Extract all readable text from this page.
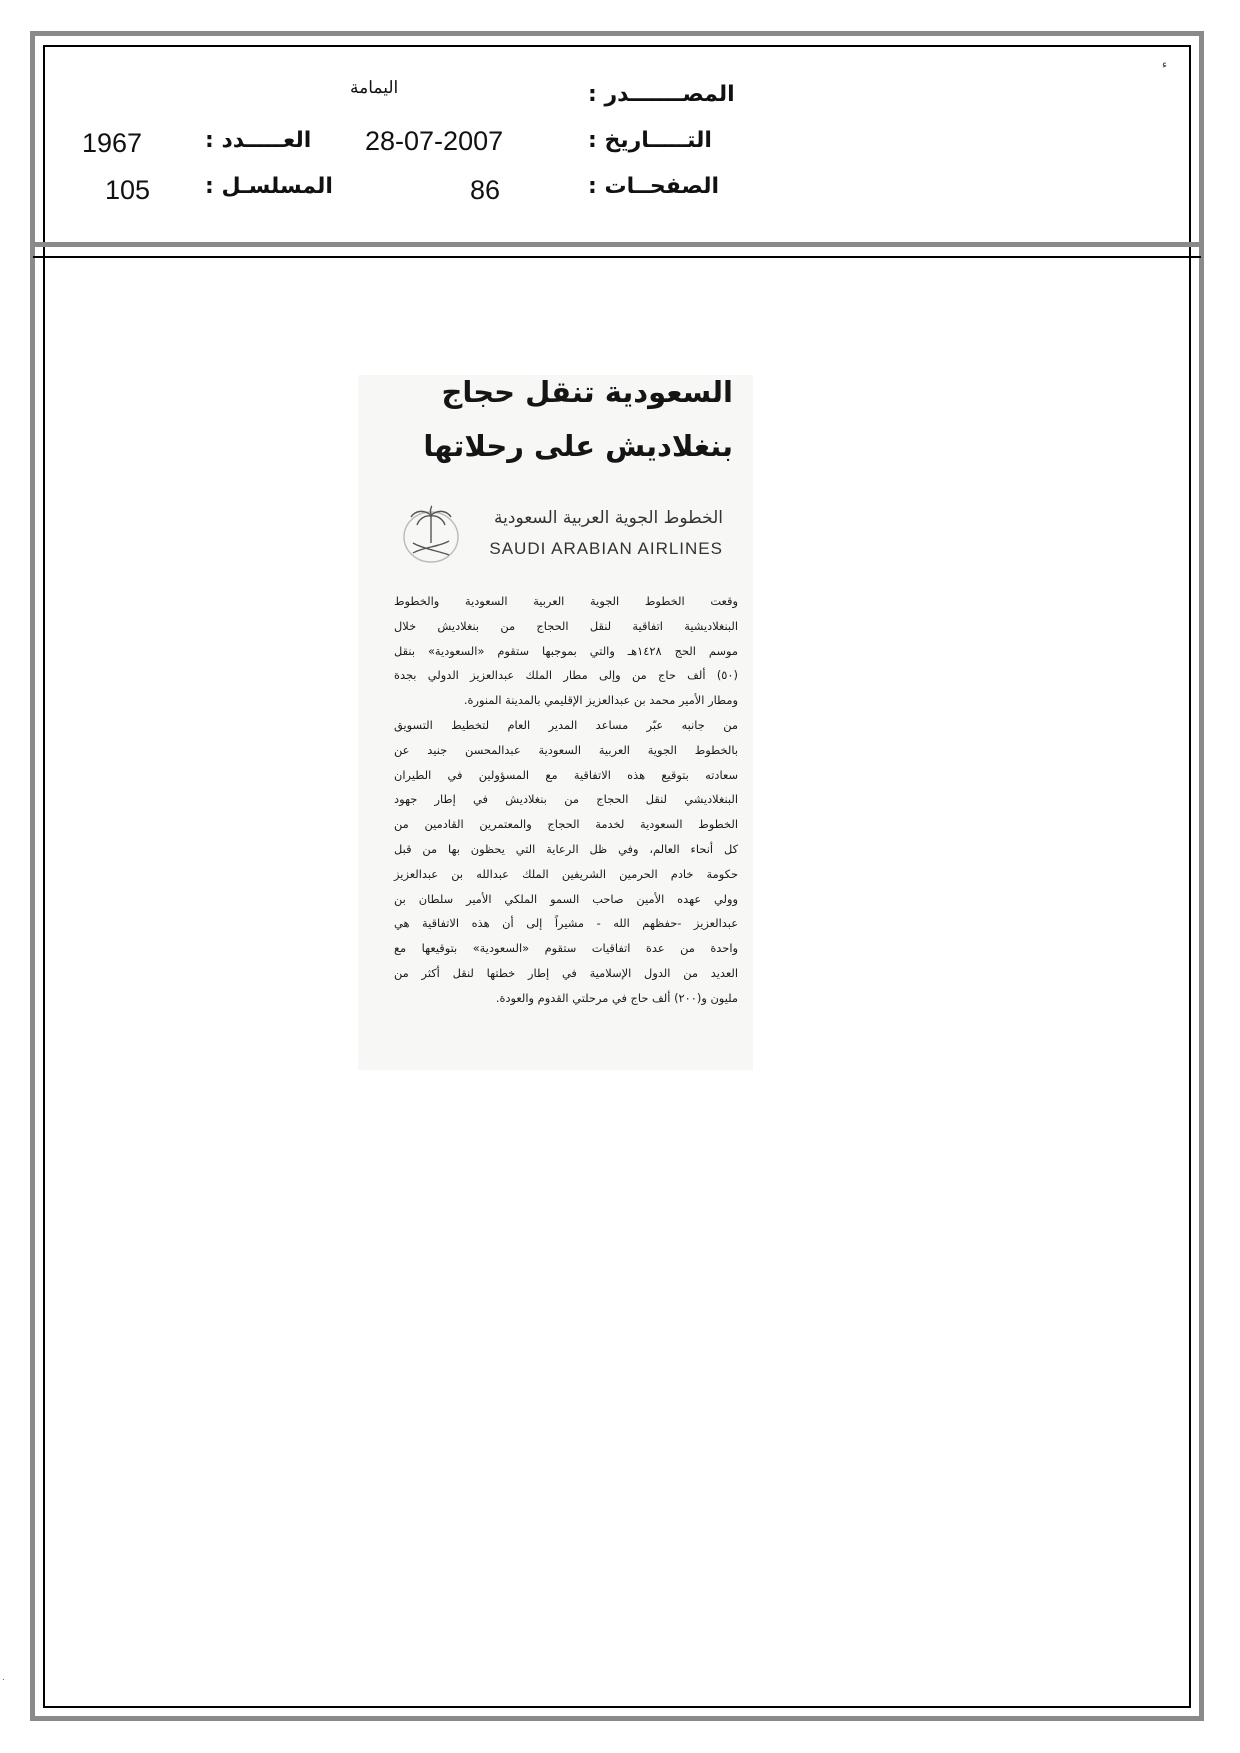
ء
.
اليمامة	المصـــــــدر :
1967	العـــــدد : 28-07-2007	التـــــاريخ :
105 المسلسـل :	86	الصفحــات :
السعودية تنقل حجاج
بنغلاديش على رحلاتها
الخطوط الجوية العربية السعودية
SAUDI ARABIAN AIRLINES
وقعت الخطوط الجوية العربية السعودية والخطوط
البنغلاديشية اتفاقية لنقل الحجاج من بنغلاديش خلال
موسم الحج ١٤٢٨هـ والتي بموجبها ستقوم «السعودية» بنقل
(٥٠) ألف حاج من وإلى مطار الملك عبدالعزيز الدولي بجدة
ومطار الأمير محمد بن عبدالعزيز الإقليمي بالمدينة المنورة.
من جانبه عبّر مساعد المدير العام لتخطيط التسويق
بالخطوط الجوية العربية السعودية عبدالمحسن جنيد عن
سعادته بتوقيع هذه الاتفاقية مع المسؤولين في الطيران
البنغلاديشي لنقل الحجاج من بنغلاديش في إطار جهود
الخطوط السعودية لخدمة الحجاج والمعتمرين القادمين من
كل أنحاء العالم، وفي ظل الرعاية التي يحظون بها من قبل
حكومة خادم الحرمين الشريفين الملك عبدالله بن عبدالعزيز
وولي عهده الأمين صاحب السمو الملكي الأمير سلطان بن
عبدالعزيز -حفظهم الله - مشيراً إلى أن هذه الاتفاقية هي
واحدة من عدة اتفاقيات ستقوم «السعودية» بتوقيعها مع
العديد من الدول الإسلامية في إطار خطتها لنقل أكثر من
مليون و(٢٠٠) ألف حاج في مرحلتي القدوم والعودة.
